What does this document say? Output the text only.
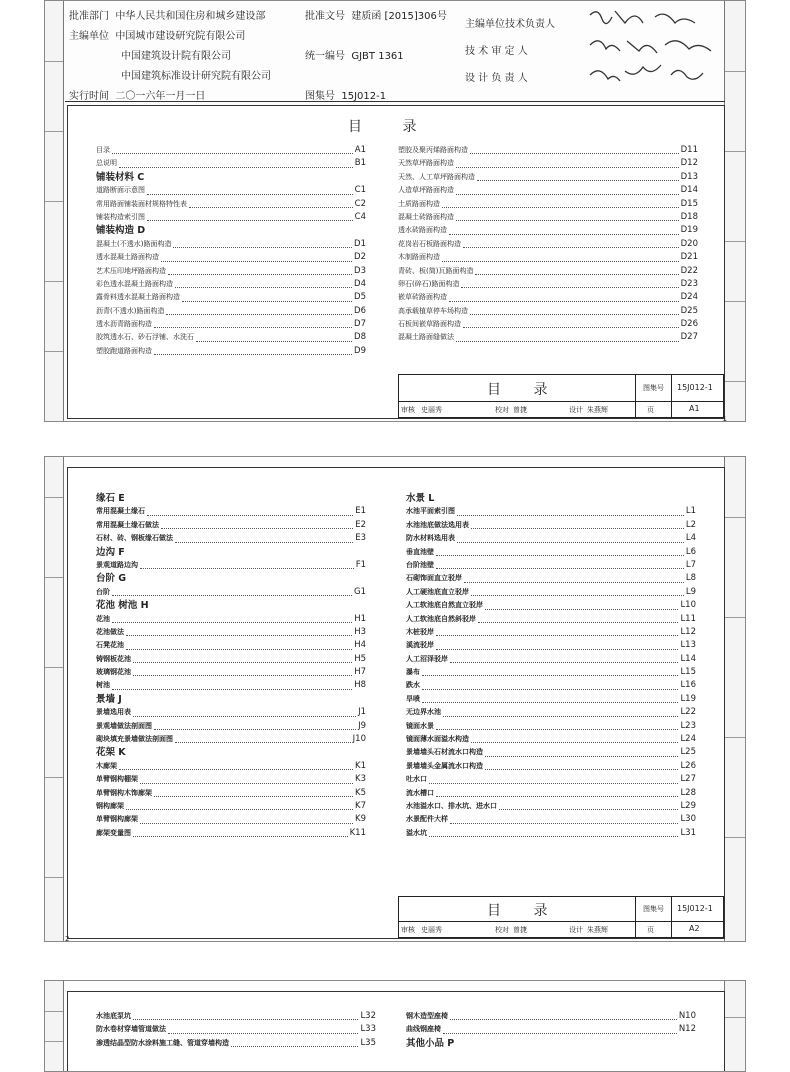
批准部门 中华人民共和国住房和城乡建设部
主编单位 中国城市建设研究院有限公司
中国建筑设计院有限公司
中国建筑标准设计研究院有限公司
实行时间 二〇一六年一月一日
批准文号 建质函 [2015]306号

统一编号 GJBT 1361

图集号 15J012-1
主编单位技术负责人
技 术 审 定 人
设 计 负 责 人
目 录
目录	A1
总说明	B1
铺装材料 C
道路断面示意图	C1
常用路面铺装面材规格特性表	C2
铺装构造索引图	C4
铺装构造 D
混凝土(不透水)路面构造	D1
透水混凝土路面构造	D2
艺术压印地坪路面构造	D3
彩色透水混凝土路面构造	D4
露骨料透水混凝土路面构造	D5
沥青(不透水)路面构造	D6
透水沥青路面构造	D7
胶筑透水石、砂石浮铺、水洗石	D8
塑胶跑道路面构造	D9
塑胶及聚丙烯路面构造	D11
天然草坪路面构造	D12
天然、人工草坪路面构造	D13
人造草坪路面构造	D14
土质路面构造	D15
混凝土砖路面构造	D18
透水砖路面构造	D19
花岗岩石板路面构造	D20
木制路面构造	D21
青砖、板(简)瓦路面构造	D22
卵石(碎石)路面构造	D23
嵌草砖路面构造	D24
高承载植草停车场构造	D25
石板间嵌草路面构造	D26
混凝土路面缝做法	D27
目 录	图集号 15J012-1
审核 史丽秀	校对 曾捷	设计 朱燕辉	页	A1
1
缘石 E
常用混凝土缘石	E1
常用混凝土缘石做法	E2
石材、砖、钢板缘石做法	E3
边沟 F
景观道路边沟	F1
台阶 G
台阶	G1
花池 树池 H
花池	H1
花池做法	H3
石凳花池	H4
铸钢板花池	H5
玻璃钢花池	H7
树池	H8
景墙 J
景墙选用表	J1
景观墙做法剖面图	J9
砌块填充景墙做法剖面图	J10
花架 K
木廊架	K1
单臂钢构棚架	K3
单臂钢构木饰廊架	K5
钢构廊架	K7
单臂钢构廊架	K9
廊架变量图	K11
水景 L
水池平面索引图	L1
水池池底做法选用表	L2
防水材料选用表	L4
垂直池壁	L6
台阶池壁	L7
石砌饰面直立驳岸	L8
人工硬池底直立驳岸	L9
人工软池底自然直立驳岸	L10
人工软池底自然斜驳岸	L11
木桩驳岸	L12
溪流驳岸	L13
人工沼泽驳岸	L14
瀑布	L15
跌水	L16
旱喷	L19
无边界水池	L22
镜面水景	L23
镜面薄水面溢水构造	L24
景墙墙头石材流水口构造	L25
景墙墙头金属流水口构造	L26
吐水口	L27
流水槽口	L28
水池溢水口、排水坑、进水口	L29
水景配件大样	L30
溢水坑	L31
目 录	图集号 15J012-1
审核 史丽秀	校对 曾捷	设计 朱燕辉	页	A2
2
水池底泵坑	L32
防水卷材穿墙管道做法	L33
渗透结晶型防水涂料施工缝、管道穿墙构造	L35
钢木造型座椅	N10
曲线钢座椅	N12
其他小品 P
